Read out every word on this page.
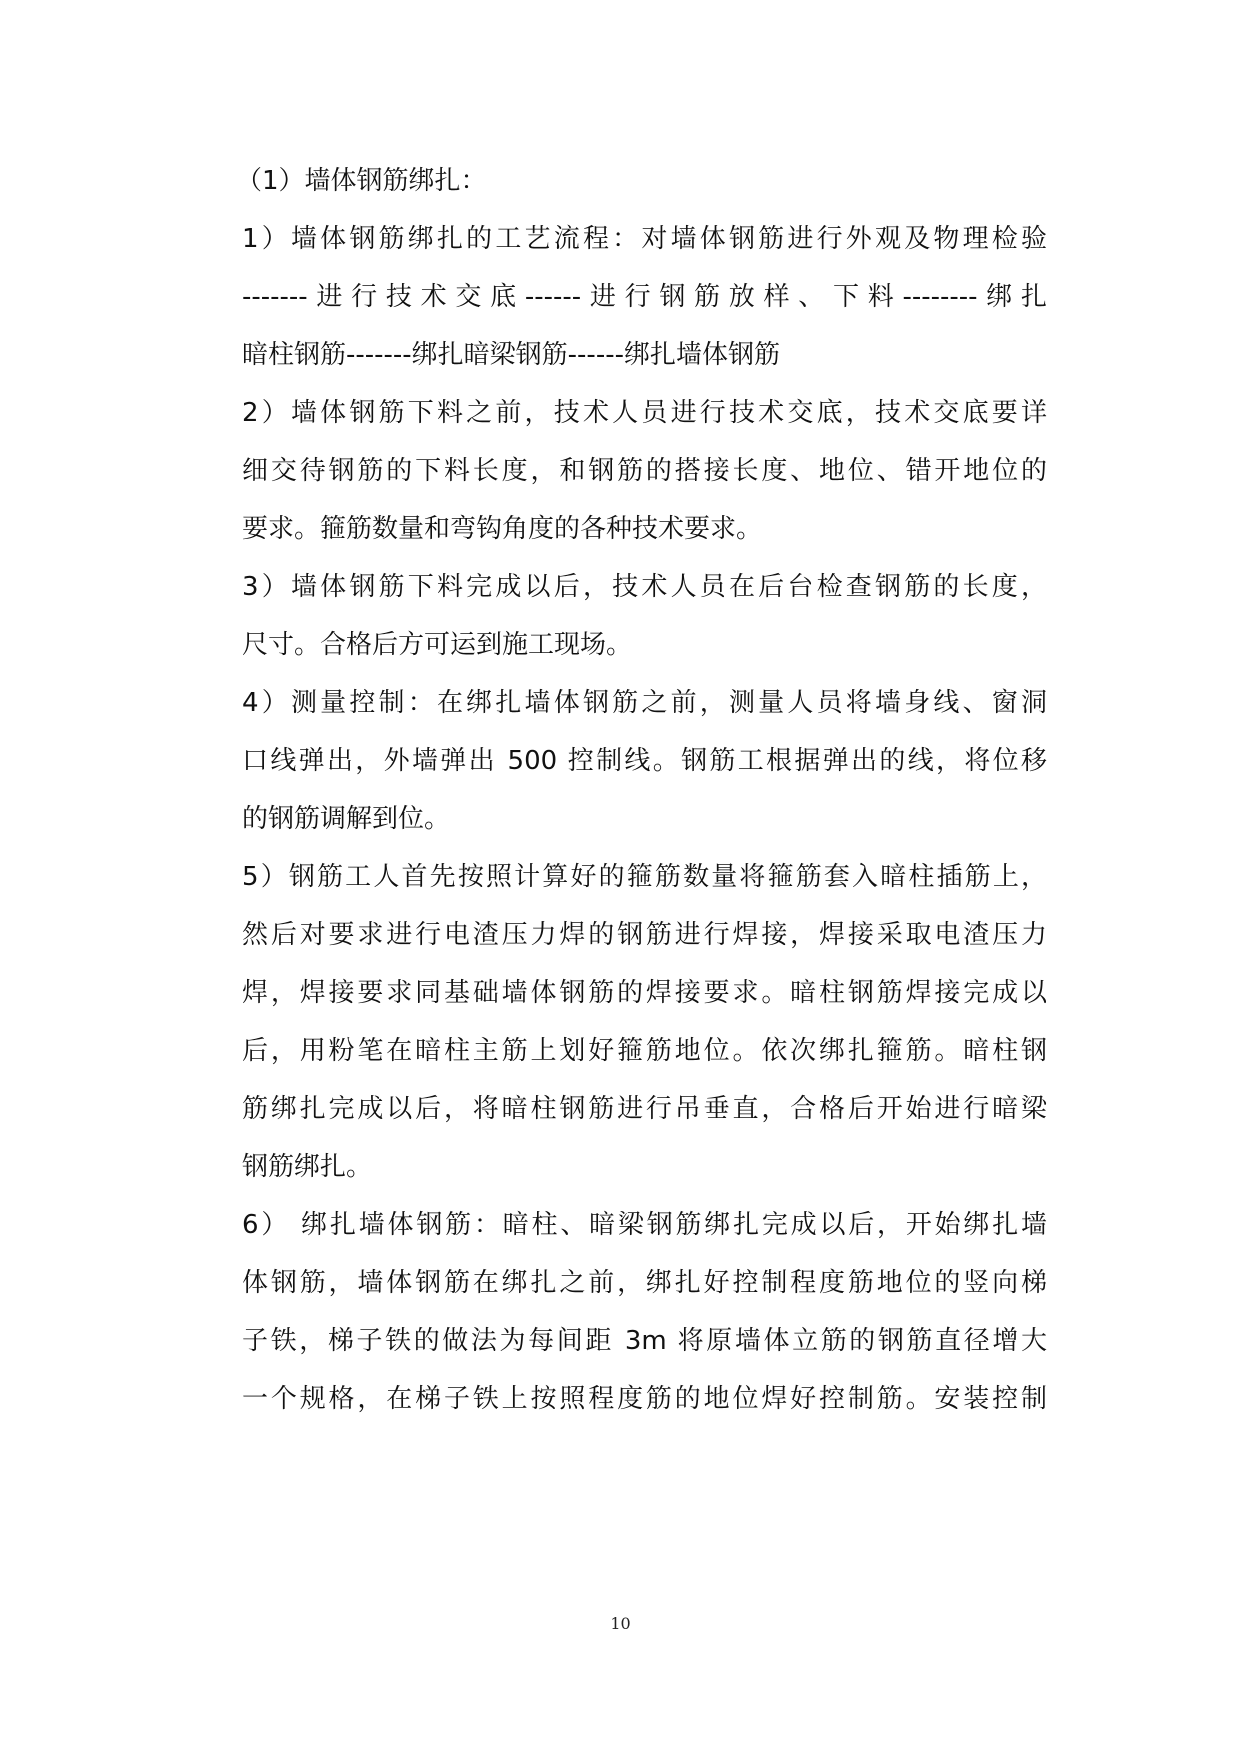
（1）墙体钢筋绑扎：
1）墙体钢筋绑扎的工艺流程：对墙体钢筋进行外观及物理检验
-------进行技术交底------进行钢筋放样、下料--------绑扎
暗柱钢筋-------绑扎暗梁钢筋------绑扎墙体钢筋
2）墙体钢筋下料之前，技术人员进行技术交底，技术交底要详
细交待钢筋的下料长度，和钢筋的搭接长度、地位、错开地位的
要求。箍筋数量和弯钩角度的各种技术要求。
3）墙体钢筋下料完成以后，技术人员在后台检查钢筋的长度，
尺寸。合格后方可运到施工现场。
4）测量控制：在绑扎墙体钢筋之前，测量人员将墙身线、窗洞
口线弹出，外墙弹出 500 控制线。钢筋工根据弹出的线，将位移
的钢筋调解到位。
5）钢筋工人首先按照计算好的箍筋数量将箍筋套入暗柱插筋上，
然后对要求进行电渣压力焊的钢筋进行焊接，焊接采取电渣压力
焊，焊接要求同基础墙体钢筋的焊接要求。暗柱钢筋焊接完成以
后，用粉笔在暗柱主筋上划好箍筋地位。依次绑扎箍筋。暗柱钢
筋绑扎完成以后，将暗柱钢筋进行吊垂直，合格后开始进行暗梁
钢筋绑扎。
6） 绑扎墙体钢筋：暗柱、暗梁钢筋绑扎完成以后，开始绑扎墙
体钢筋，墙体钢筋在绑扎之前，绑扎好控制程度筋地位的竖向梯
子铁，梯子铁的做法为每间距 3m 将原墙体立筋的钢筋直径增大
一个规格，在梯子铁上按照程度筋的地位焊好控制筋。安装控制
10
